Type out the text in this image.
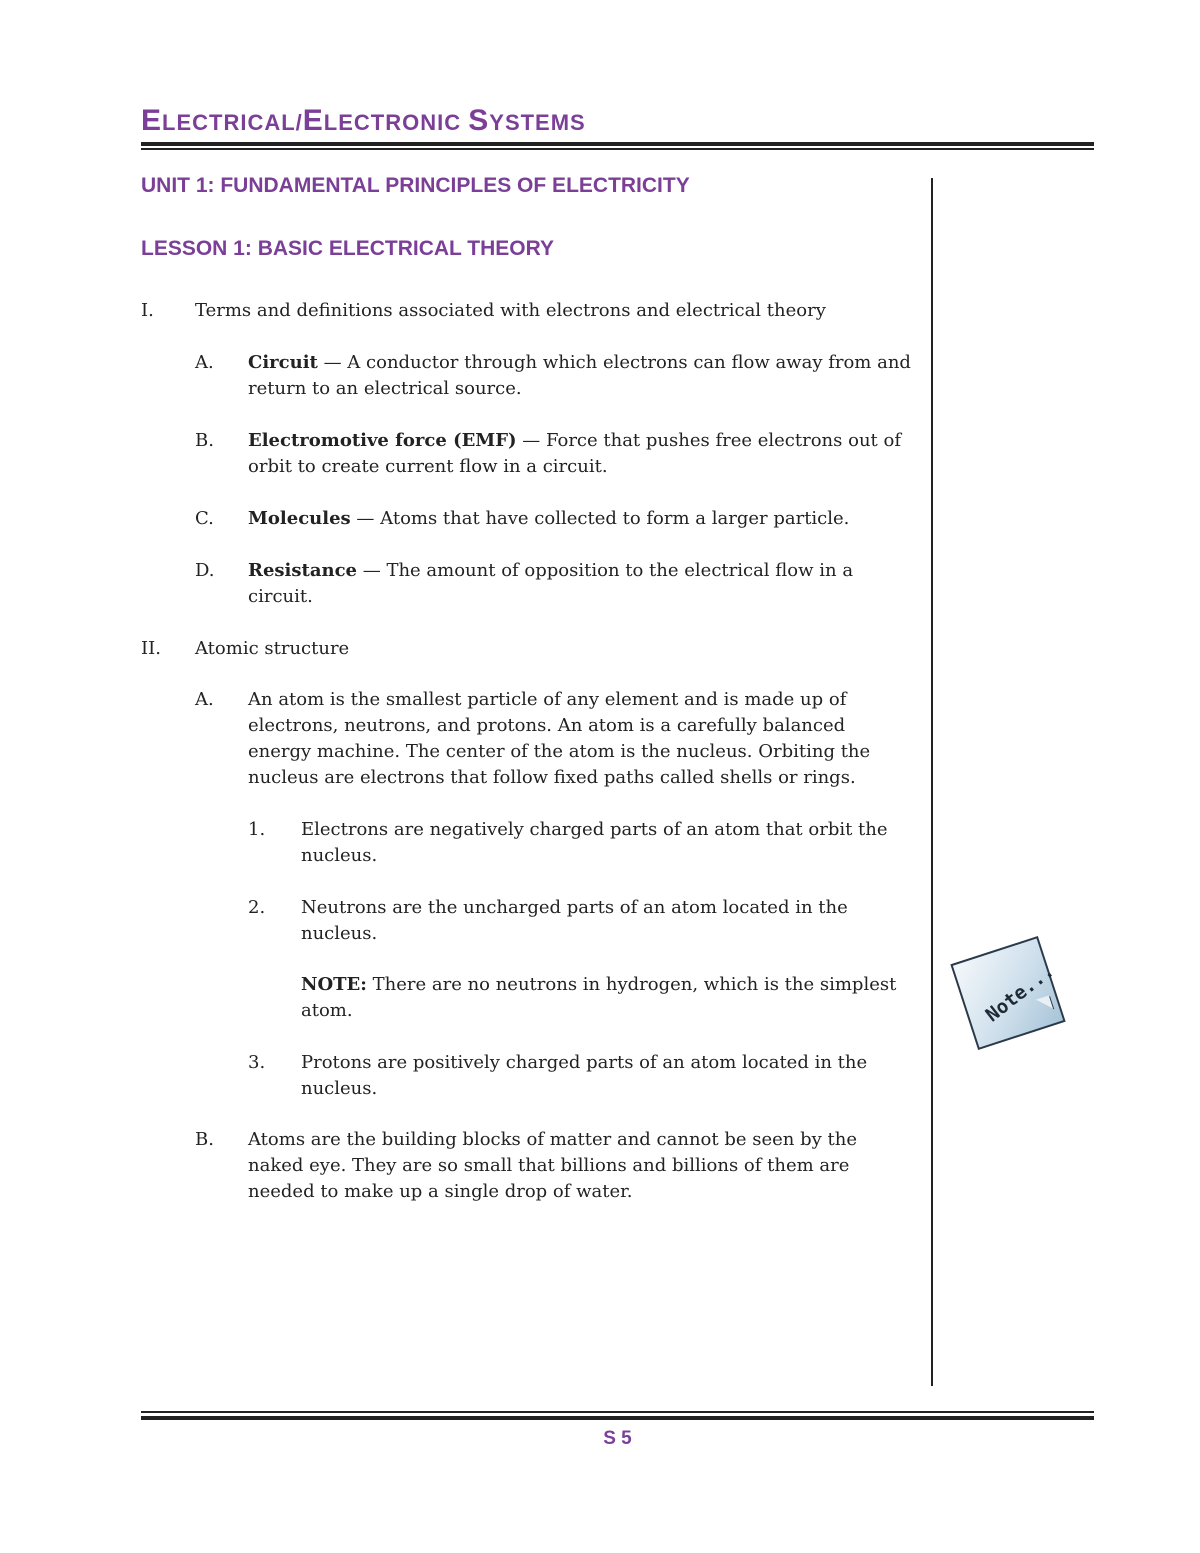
ELECTRICAL/ELECTRONIC SYSTEMS
UNIT 1: FUNDAMENTAL PRINCIPLES OF ELECTRICITY
LESSON 1: BASIC ELECTRICAL THEORY
I. Terms and definitions associated with electrons and electrical theory
A. Circuit — A conductor through which electrons can flow away from and return to an electrical source.
B. Electromotive force (EMF) — Force that pushes free electrons out of orbit to create current flow in a circuit.
C. Molecules — Atoms that have collected to form a larger particle.
D. Resistance — The amount of opposition to the electrical flow in a circuit.
II. Atomic structure
A. An atom is the smallest particle of any element and is made up of electrons, neutrons, and protons. An atom is a carefully balanced energy machine. The center of the atom is the nucleus. Orbiting the nucleus are electrons that follow fixed paths called shells or rings.
1. Electrons are negatively charged parts of an atom that orbit the nucleus.
2. Neutrons are the uncharged parts of an atom located in the nucleus.
NOTE: There are no neutrons in hydrogen, which is the simplest atom.
3. Protons are positively charged parts of an atom located in the nucleus.
B. Atoms are the building blocks of matter and cannot be seen by the naked eye. They are so small that billions and billions of them are needed to make up a single drop of water.
Note...
S 5
